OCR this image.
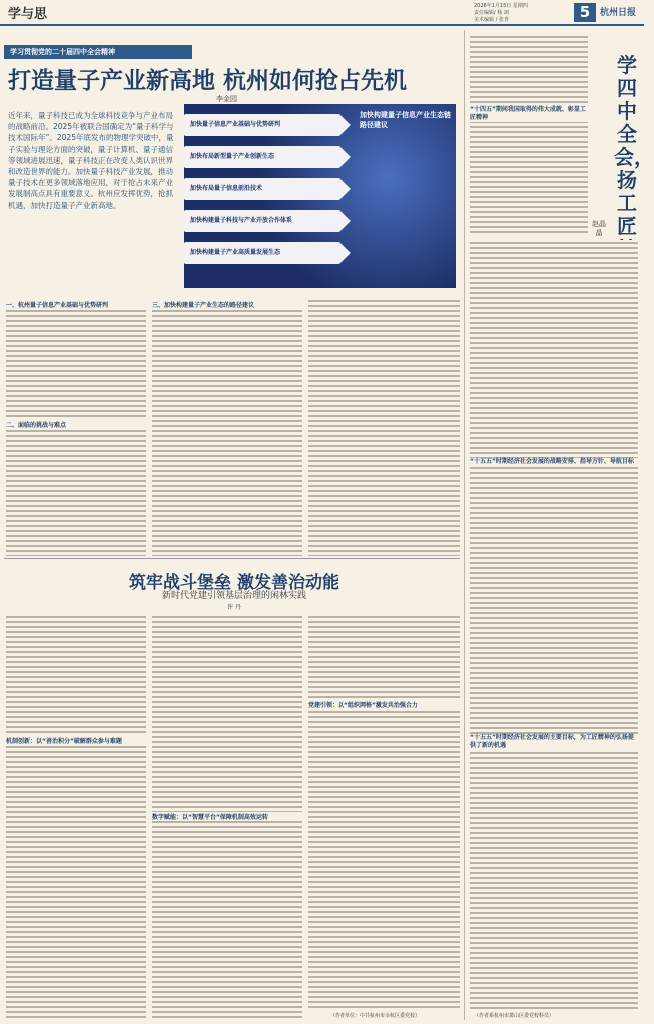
学与思
2026年1月15日 星期四
责任编辑/ 杨 翊
美术编辑 / 张青	5	杭州日报
学习贯彻党的二十届四中全会精神
打造量子产业新高地 杭州如何抢占先机
李金园
近年来，量子科技已成为全球科技竞争与产业布局的战略前沿。2025年被联合国确定为“量子科学与技术国际年”。2025年底发布的物理学突破中，量子实验与理论方面的突破，量子计算机、量子通信等领域进展迅速，量子科技正在改变人类认识世界和改造世界的能力。加快量子科技产业发展，推动量子技术在更多领域落地应用，对于抢占未来产业发展制高点具有重要意义。杭州应发挥优势，抢抓机遇，加快打造量子产业新高地。
加快构建量子信息产业生态链路径建议
加快量子信息产业基础与优势研判
加快布局新型量子产业创新生态
加快布局量子信息前沿技术
加快构建量子科技与产业开放合作体系
加快构建量子产业高质量发展生态
一、杭州量子信息产业基础与优势研判
二、面临的挑战与难点
三、加快构建量子产业生态的路径建议
筑牢战斗堡垒 激发善治动能
新时代党建引领基层治理的闲林实践
许 丹
机制创新：以“善治积分”破解群众参与难题
数字赋能：以“智慧平台”保障机制高效运转
党建引领：以“组织网格”激发共治强合力
（作者单位：中共杭州市余杭区委党校）
学四中全会，扬工匠
赵晶晶
“十四五”期间我国取得的伟大成就、彰显工匠精神
“十五五”时期经济社会发展的战略安排、指导方针、导航目标
“十五五”时期经济社会发展的主要目标，为工匠精神的弘扬提供了新的机遇
（作者系杭州市萧山区委党校科员）
